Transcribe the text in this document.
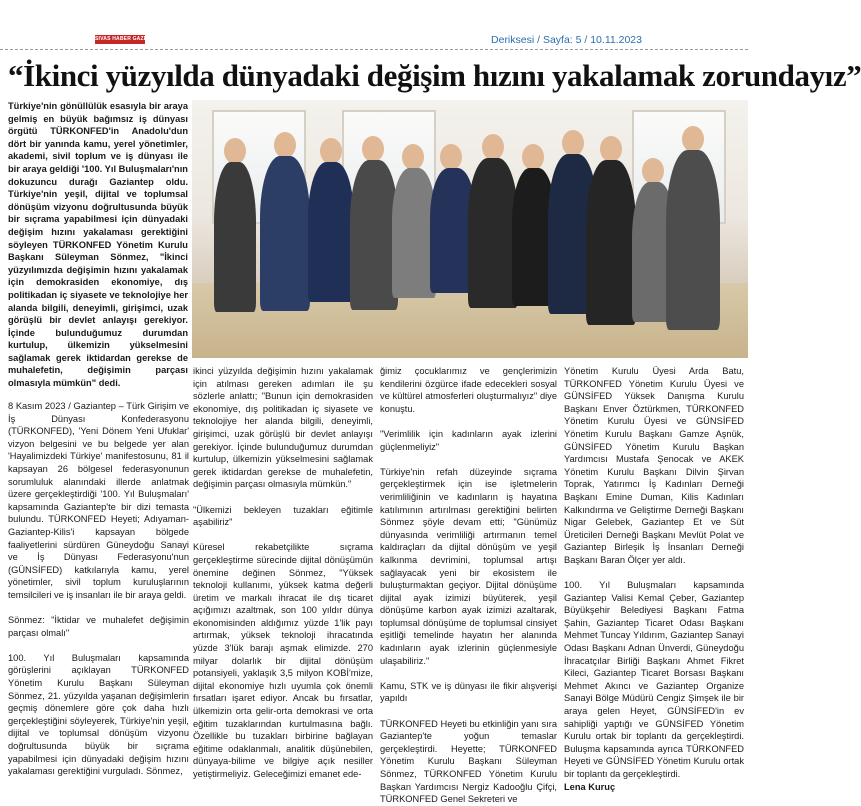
SIVAS HABER GAZETESİ	Deriksesi / Sayfa: 5 / 10.11.2023
“İkinci yüzyılda dünyadaki değişim hızını yakalamak zorundayız”
Türkiye'nin gönüllülük esasıyla bir araya gelmiş en büyük bağımsız iş dünyası örgütü TÜRKONFED'in Anadolu'dun dört bir yanında kamu, yerel yönetimler, akademi, sivil toplum ve iş dünyası ile bir araya geldiği '100. Yıl Buluşmaları'nın dokuzuncu durağı Gaziantep oldu. Türkiye'nin yeşil, dijital ve toplumsal dönüşüm vizyonu doğrultusunda büyük bir sıçrama yapabilmesi için dünyadaki değişim hızını yakalaması gerektiğini söyleyen TÜRKONFED Yönetim Kurulu Başkanı Süleyman Sönmez, "İkinci yüzyılımızda değişimin hızını yakalamak için demokrasiden ekonomiye, dış politikadan iç siyasete ve teknolojiye her alanda bilgili, deneyimli, girişimci, uzak görüşlü bir devlet anlayışı gerekiyor. İçinde bulunduğumuz durumdan kurtulup, ülkemizin yükselmesini sağlamak gerek iktidardan gerekse de muhalefetin, değişimin parçası olmasıyla mümkün" dedi.

8 Kasım 2023 / Gaziantep – Türk Girişim ve İş Dünyası Konfederasyonu (TÜRKONFED), 'Yeni Dönem Yeni Ufuklar' vizyon belgesini ve bu belgede yer alan 'Hayalimizdeki Türkiye' manifestosunu, 81 il kapsayan 26 bölgesel federasyonunun sorumluluk alanındaki illerde anlatmak üzere gerçekleştirdiği '100. Yıl Buluşmaları' kapsamında Gaziantep'te bir dizi temasta bulundu. TÜRKONFED Heyeti; Adıyaman-Gaziantep-Kilis'i kapsayan bölgede faaliyetlerini sürdüren Güneydoğu Sanayi ve İş Dünyası Federasyonu'nun (GÜNSİFED) katkılarıyla kamu, yerel yönetimler, sivil toplum kuruluşlarının temsilcileri ve iş insanları ile bir araya geldi.

Sönmez: "İktidar ve muhalefet değişimin parçası olmalı"

100. Yıl Buluşmaları kapsamında görüşlerini açıklayan TÜRKONFED Yönetim Kurulu Başkanı Süleyman Sönmez, 21. yüzyılda yaşanan değişimlerin geçmiş dönemlere göre çok daha hızlı gerçekleştiğini söyleyerek, Türkiye'nin yeşil, dijital ve toplumsal dönüşüm vizyonu doğrultusunda büyük bir sıçrama yapabilmesi için dünyadaki değişim hızını yakalaması gerektiğini vurguladı. Sönmez,

ikinci yüzyılda değişimin hızını yakalamak için atılması gereken adımları ile şu sözlerle anlattı; "Bunun için demokrasiden ekonomiye, dış politikadan iç siyasete ve teknolojiye her alanda bilgili, deneyimli, girişimci, uzak görüşlü bir devlet anlayışı gerekiyor. İçinde bulunduğumuz durumdan kurtulup, ülkemizin yükselmesini sağlamak gerek iktidardan gerekse de muhalefetin, değişimin parçası olmasıyla mümkün."

"Ülkemizi bekleyen tuzakları eğitimle aşabiliriz"

Küresel rekabetçilikte sıçrama gerçekleştirme sürecinde dijital dönüşümün önemine değinen Sönmez, "Yüksek teknoloji kullanımı, yüksek katma değerli üretim ve markalı ihracat ile dış ticaret açığımızı azaltmak, son 100 yıldır dünya ekonomisinden aldığımız yüzde 1'lik payı artırmak, yüksek teknoloji ihracatında yüzde 3'lük barajı aşmak elimizde. 270 milyar dolarlık bir dijital dönüşüm potansiyeli, yaklaşık 3,5 milyon KOBİ'mize, dijital ekonomiye hızlı uyumla çok önemli fırsatları işaret ediyor. Ancak bu fırsatlar, ülkemizin orta gelir-orta demokrasi ve orta eğitim tuzaklarından kurtulmasına bağlı. Özellikle bu tuzakları birbirine bağlayan eğitime odaklanmalı, analitik düşünebilen, dünyaya-bilime ve bilgiye açık nesiller yetiştirmeliyiz. Geleceğimizi emanet ede-

ğimiz çocuklarımız ve gençlerimizin kendilerini özgürce ifade edecekleri sosyal ve kültürel atmosferleri oluşturmalıyız" diye konuştu.

"Verimlilik için kadınların ayak izlerini güçlenmeliyiz"

Türkiye'nin refah düzeyinde sıçrama gerçekleştirmek için ise işletmelerin verimliliğinin ve kadınların iş hayatına katılımının artırılması gerektiğini belirten Sönmez şöyle devam etti; "Günümüz dünyasında verimliliği artırmanın temel kaldıraçları da dijital dönüşüm ve yeşil kalkınma devrimini, toplumsal artışı sağlayacak yeni bir ekosistem ile buluşturmaktan geçiyor. Dijital dönüşüme dijital ayak izimizi büyüterek, yeşil dönüşüme karbon ayak izimizi azaltarak, toplumsal dönüşüme de toplumsal cinsiyet eşitliği temelinde hayatın her alanında kadınların ayak izlerinin güçlenmesiyle ulaşabiliriz."

Kamu, STK ve iş dünyası ile fikir alışverişi yapıldı

TÜRKONFED Heyeti bu etkinliğin yanı sıra Gaziantep'te yoğun temaslar gerçekleştirdi. Heyette; TÜRKONFED Yönetim Kurulu Başkanı Süleyman Sönmez, TÜRKONFED Yönetim Kurulu Başkan Yardımcısı Nergiz Kadooğlu Çifçi, TÜRKONFED Genel Sekreteri ve

Yönetim Kurulu Üyesi Arda Batu, TÜRKONFED Yönetim Kurulu Üyesi ve GÜNSİFED Yüksek Danışma Kurulu Başkanı Enver Öztürkmen, TÜRKONFED Yönetim Kurulu Üyesi ve GÜNSİFED Yönetim Kurulu Başkanı Gamze Aşnük, GÜNSİFED Yönetim Kurulu Başkan Yardımcısı Mustafa Şenocak ve AKEK Yönetim Kurulu Başkanı Dilvin Şirvan Toprak, Yatırımcı İş Kadınları Derneği Başkanı Emine Duman, Kilis Kadınları Kalkındırma ve Geliştirme Derneği Başkanı Nigar Gelebek, Gaziantep Et ve Süt Üreticileri Derneği Başkanı Mevlüt Polat ve Gaziantep Birleşik İş İnsanları Derneği Başkanı Baran Ölçer yer aldı.

100. Yıl Buluşmaları kapsamında Gaziantep Valisi Kemal Çeber, Gaziantep Büyükşehir Belediyesi Başkanı Fatma Şahin, Gaziantep Ticaret Odası Başkanı Mehmet Tuncay Yıldırım, Gaziantep Sanayi Odası Başkanı Adnan Ünverdi, Güneydoğu İhracatçılar Birliği Başkanı Ahmet Fikret Kileci, Gaziantep Ticaret Borsası Başkanı Mehmet Akıncı ve Gaziantep Organize Sanayi Bölge Müdürü Cengiz Şimşek ile bir araya gelen Heyet, GÜNSİFED'in ev sahipliği yaptığı ve GÜNSİFED Yönetim Kurulu ortak bir toplantı da gerçekleştirdi. Buluşma kapsamında ayrıca TÜRKONFED Heyeti ve GÜNSİFED Yönetim Kurulu ortak bir toplantı da gerçekleştirdi.

Lena Kuruç
